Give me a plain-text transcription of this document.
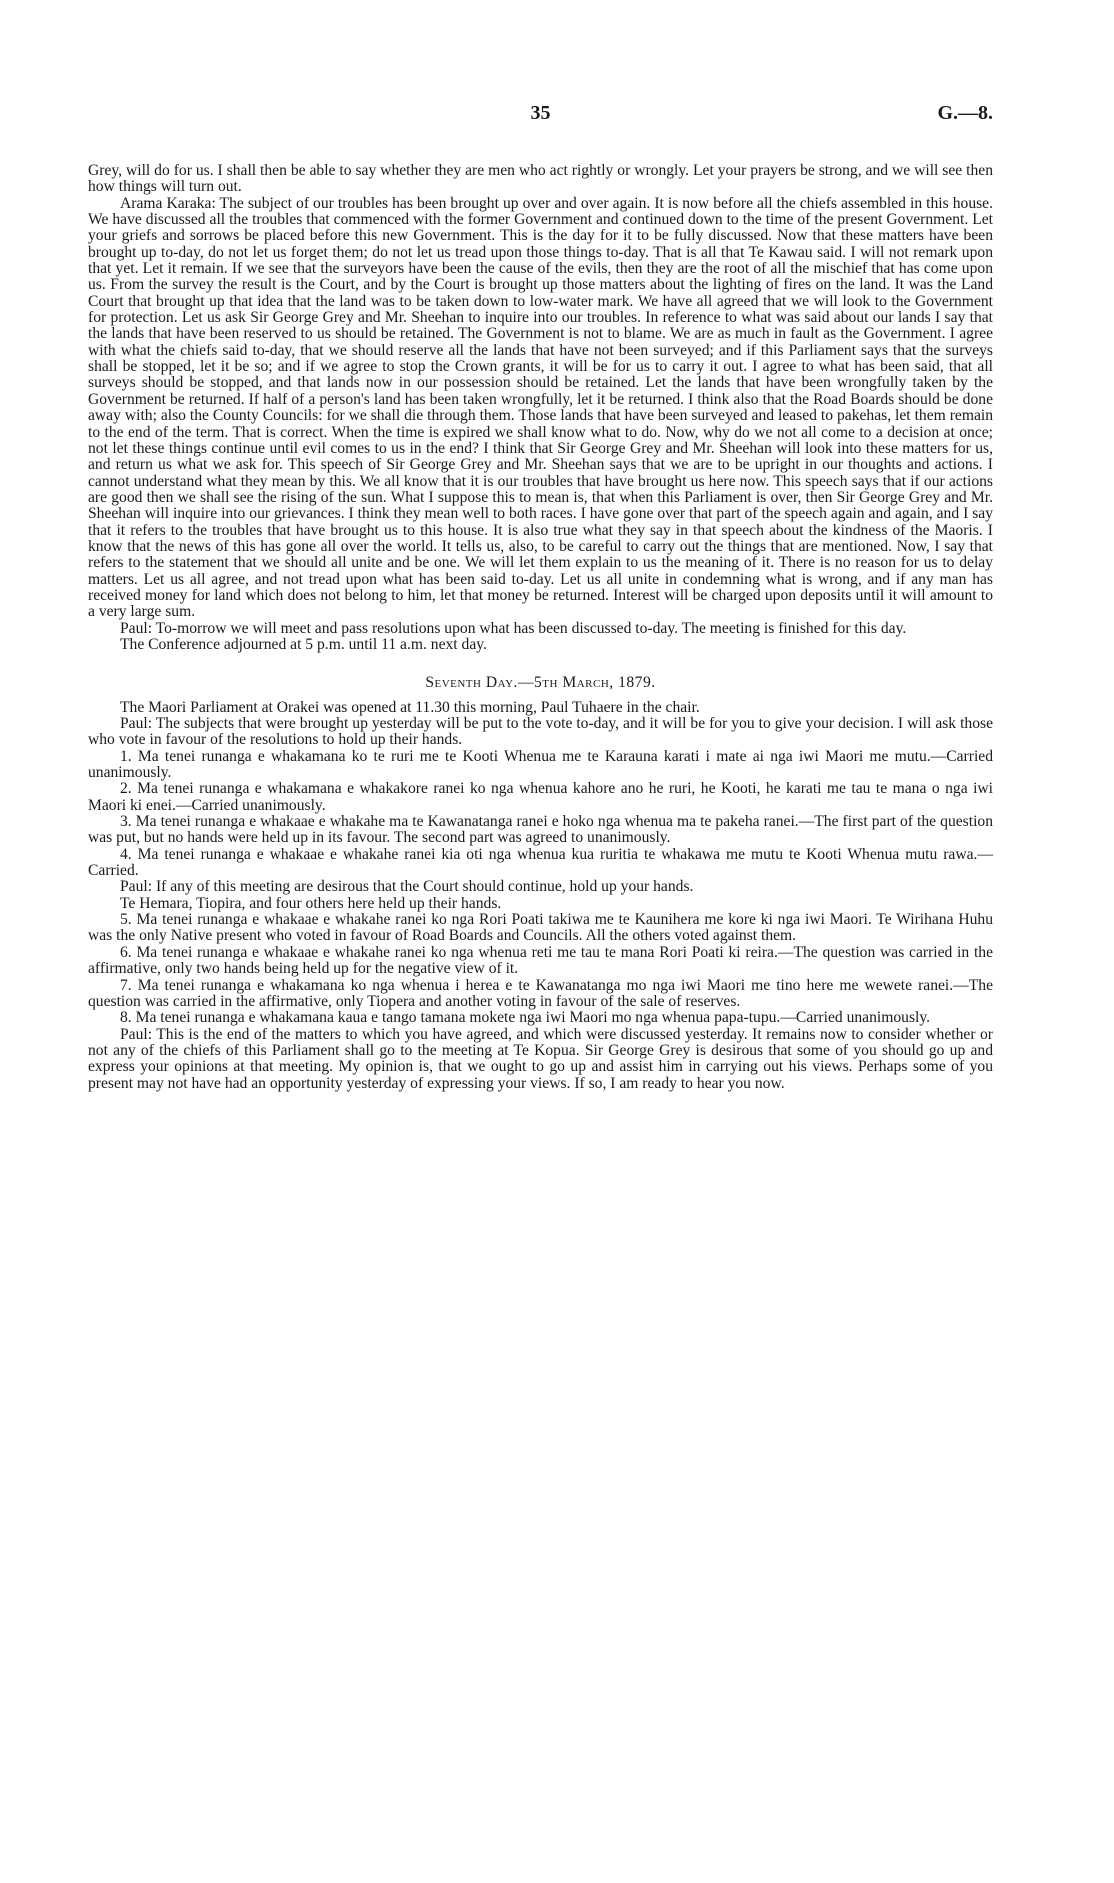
35	G.—8.

Grey, will do for us. I shall then be able to say whether they are men who act rightly or wrongly. Let your prayers be strong, and we will see then how things will turn out.

Arama Karaka: The subject of our troubles has been brought up over and over again. It is now before all the chiefs assembled in this house. We have discussed all the troubles that commenced with the former Government and continued down to the time of the present Government. Let your griefs and sorrows be placed before this new Government. This is the day for it to be fully discussed. Now that these matters have been brought up to-day, do not let us forget them; do not let us tread upon those things to-day. That is all that Te Kawau said. I will not remark upon that yet. Let it remain. If we see that the surveyors have been the cause of the evils, then they are the root of all the mischief that has come upon us. From the survey the result is the Court, and by the Court is brought up those matters about the lighting of fires on the land. It was the Land Court that brought up that idea that the land was to be taken down to low-water mark. We have all agreed that we will look to the Government for protection. Let us ask Sir George Grey and Mr. Sheehan to inquire into our troubles. In reference to what was said about our lands I say that the lands that have been reserved to us should be retained. The Government is not to blame. We are as much in fault as the Government. I agree with what the chiefs said to-day, that we should reserve all the lands that have not been surveyed; and if this Parliament says that the surveys shall be stopped, let it be so; and if we agree to stop the Crown grants, it will be for us to carry it out. I agree to what has been said, that all surveys should be stopped, and that lands now in our possession should be retained. Let the lands that have been wrongfully taken by the Government be returned. If half of a person's land has been taken wrongfully, let it be returned. I think also that the Road Boards should be done away with; also the County Councils: for we shall die through them. Those lands that have been surveyed and leased to pakehas, let them remain to the end of the term. That is correct. When the time is expired we shall know what to do. Now, why do we not all come to a decision at once; not let these things continue until evil comes to us in the end? I think that Sir George Grey and Mr. Sheehan will look into these matters for us, and return us what we ask for. This speech of Sir George Grey and Mr. Sheehan says that we are to be upright in our thoughts and actions. I cannot understand what they mean by this. We all know that it is our troubles that have brought us here now. This speech says that if our actions are good then we shall see the rising of the sun. What I suppose this to mean is, that when this Parliament is over, then Sir George Grey and Mr. Sheehan will inquire into our grievances. I think they mean well to both races. I have gone over that part of the speech again and again, and I say that it refers to the troubles that have brought us to this house. It is also true what they say in that speech about the kindness of the Maoris. I know that the news of this has gone all over the world. It tells us, also, to be careful to carry out the things that are mentioned. Now, I say that refers to the statement that we should all unite and be one. We will let them explain to us the meaning of it. There is no reason for us to delay matters. Let us all agree, and not tread upon what has been said to-day. Let us all unite in condemning what is wrong, and if any man has received money for land which does not belong to him, let that money be returned. Interest will be charged upon deposits until it will amount to a very large sum.

Paul: To-morrow we will meet and pass resolutions upon what has been discussed to-day. The meeting is finished for this day.

The Conference adjourned at 5 p.m. until 11 a.m. next day.

Seventh Day.—5th March, 1879.

The Maori Parliament at Orakei was opened at 11.30 this morning, Paul Tuhaere in the chair.

Paul: The subjects that were brought up yesterday will be put to the vote to-day, and it will be for you to give your decision. I will ask those who vote in favour of the resolutions to hold up their hands.

1. Ma tenei runanga e whakamana ko te ruri me te Kooti Whenua me te Karauna karati i mate ai nga iwi Maori me mutu.—Carried unanimously.

2. Ma tenei runanga e whakamana e whakakore ranei ko nga whenua kahore ano he ruri, he Kooti, he karati me tau te mana o nga iwi Maori ki enei.—Carried unanimously.

3. Ma tenei runanga e whakaae e whakahe ma te Kawanatanga ranei e hoko nga whenua ma te pakeha ranei.—The first part of the question was put, but no hands were held up in its favour. The second part was agreed to unanimously.

4. Ma tenei runanga e whakaae e whakahe ranei kia oti nga whenua kua ruritia te whakawa me mutu te Kooti Whenua mutu rawa.—Carried.

Paul: If any of this meeting are desirous that the Court should continue, hold up your hands.

Te Hemara, Tiopira, and four others here held up their hands.

5. Ma tenei runanga e whakaae e whakahe ranei ko nga Rori Poati takiwa me te Kaunihera me kore ki nga iwi Maori. Te Wirihana Huhu was the only Native present who voted in favour of Road Boards and Councils. All the others voted against them.

6. Ma tenei runanga e whakaae e whakahe ranei ko nga whenua reti me tau te mana Rori Poati ki reira.—The question was carried in the affirmative, only two hands being held up for the negative view of it.

7. Ma tenei runanga e whakamana ko nga whenua i herea e te Kawanatanga mo nga iwi Maori me tino here me wewete ranei.—The question was carried in the affirmative, only Tiopera and another voting in favour of the sale of reserves.

8. Ma tenei runanga e whakamana kaua e tango tamana mokete nga iwi Maori mo nga whenua papa-tupu.—Carried unanimously.

Paul: This is the end of the matters to which you have agreed, and which were discussed yesterday. It remains now to consider whether or not any of the chiefs of this Parliament shall go to the meeting at Te Kopua. Sir George Grey is desirous that some of you should go up and express your opinions at that meeting. My opinion is, that we ought to go up and assist him in carrying out his views. Perhaps some of you present may not have had an opportunity yesterday of expressing your views. If so, I am ready to hear you now.
